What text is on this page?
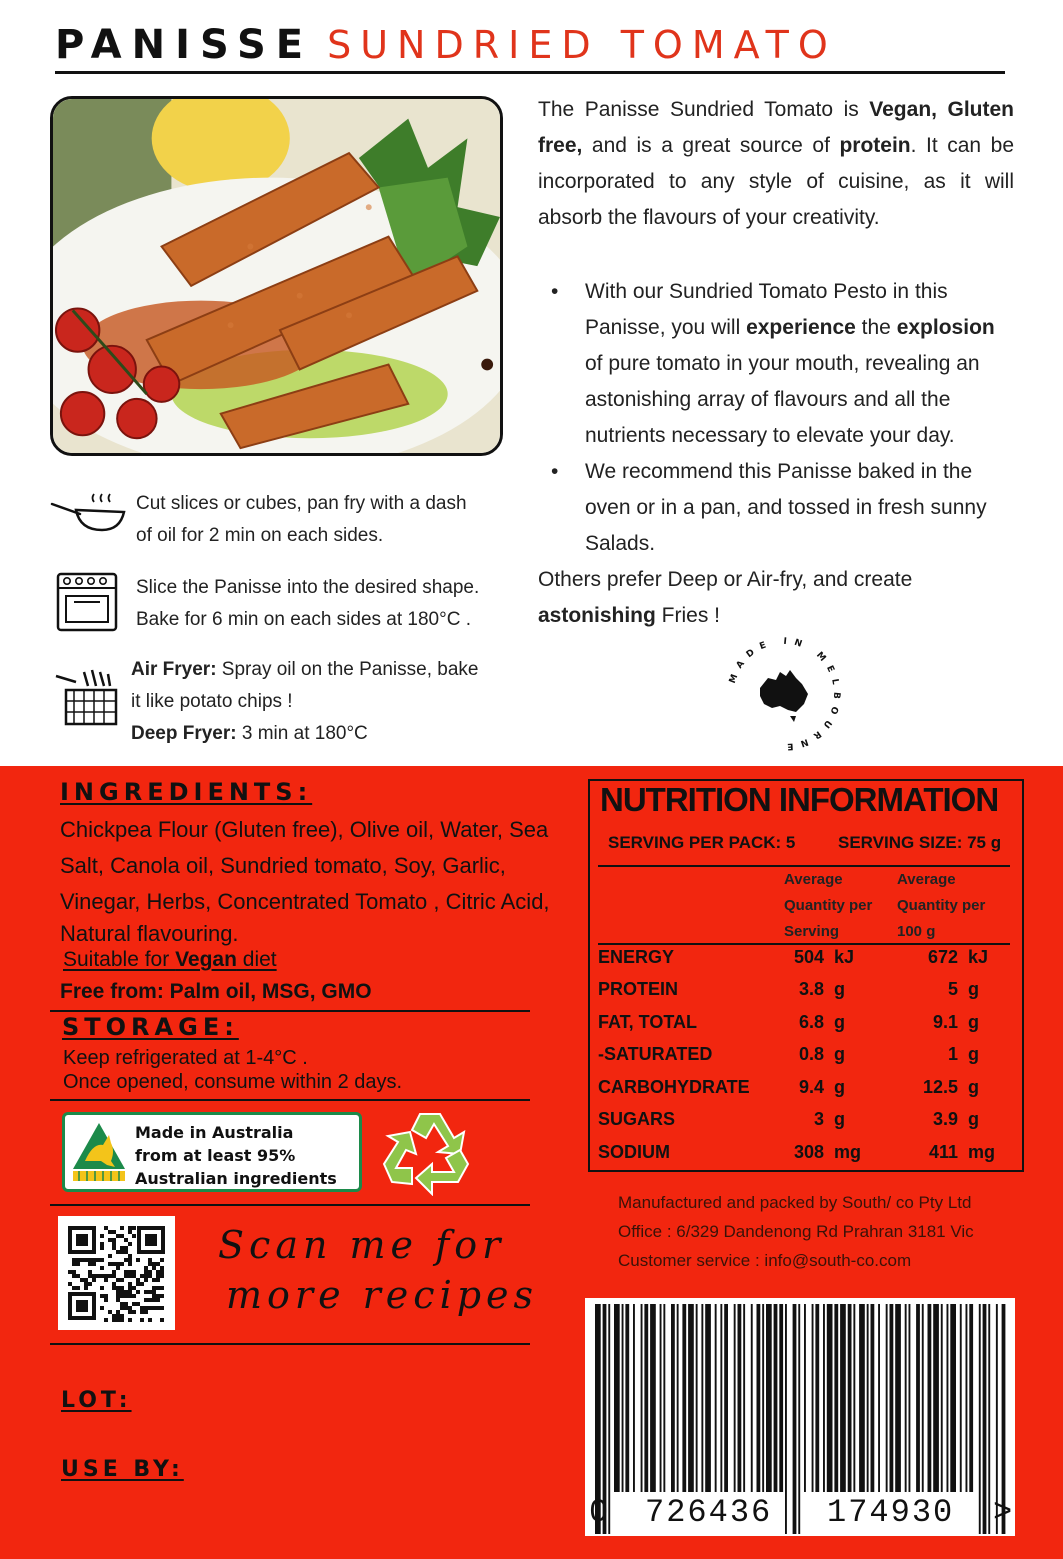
PANISSE SUNDRIED TOMATO
The Panisse Sundried Tomato is Vegan, Gluten free, and is a great source of protein. It can be incorporated to any style of cuisine, as it will absorb the flavours of your creativity.
• With our Sundried Tomato Pesto in this Panisse, you will experience the explosion of pure tomato in your mouth, revealing an astonishing array of flavours and all the nutrients necessary to elevate your day.
• We recommend this Panisse baked in the oven or in a pan, and tossed in fresh sunny Salads.
Others prefer Deep or Air-fry, and create astonishing Fries !
Cut slices or cubes, pan fry with a dash
of oil for 2 min on each sides.
Slice the Panisse into the desired shape.
Bake for 6 min on each sides at 180°C .
Air Fryer: Spray oil on the Panisse, bake
it like potato chips !
Deep Fryer: 3 min at 180°C
MADE IN MELBOURNE
INGREDIENTS:
Chickpea Flour (Gluten free), Olive oil, Water, Sea
Salt, Canola oil, Sundried tomato, Soy, Garlic,
Vinegar, Herbs, Concentrated Tomato , Citric Acid,
Natural flavouring.
Suitable for Vegan diet
Free from: Palm oil, MSG, GMO
STORAGE:
Keep refrigerated at 1-4°C .
Once opened, consume within 2 days.
Made in Australia
from at least 95%
Australian ingredients
Scan me for
more recipes
LOT:
USE BY:
NUTRITION INFORMATION
SERVING PER PACK: 5	SERVING SIZE: 75 g
Average
Quantity per
Serving
Average
Quantity per
100 g
ENERGY	504 kJ	672 kJ
PROTEIN	3.8 g	5 g
FAT, TOTAL	6.8 g	9.1 g
-SATURATED	0.8 g	1 g
CARBOHYDRATE	9.4 g	12.5 g
SUGARS	3 g	3.9 g
SODIUM	308 mg	411 mg
Manufactured and packed by South/ co Pty Ltd
Office : 6/329 Dandenong Rd Prahran 3181 Vic
Customer service : info@south-co.com
0 726436 174930 >
